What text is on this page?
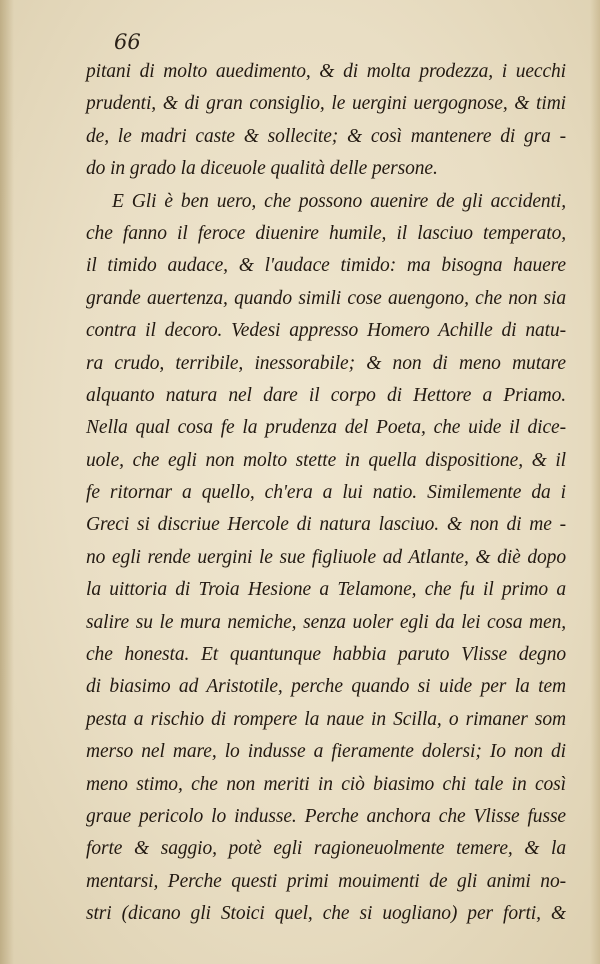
66
pitani di molto auedimento, & di molta prodezza, i uecchi
prudenti, & di gran consiglio, le uergini uergognose, & timi
de, le madri caste & sollecite; & così mantenere di gra -
do in grado la diceuole qualità delle persone.
E Gli è ben uero, che possono auenire de gli accidenti,
che fanno il feroce diuenire humile, il lasciuo temperato,
il timido audace, & l'audace timido: ma bisogna hauere
grande auertenza, quando simili cose auengono, che non sia
contra il decoro. Vedesi appresso Homero Achille di natu-
ra crudo, terribile, inessorabile; & non di meno mutare
alquanto natura nel dare il corpo di Hettore a Priamo.
Nella qual cosa fe la prudenza del Poeta, che uide il dice-
uole, che egli non molto stette in quella dispositione, & il
fe ritornar a quello, ch'era a lui natio. Similemente da i
Greci si discriue Hercole di natura lasciuo. & non di me -
no egli rende uergini le sue figliuole ad Atlante, & diè dopo
la uittoria di Troia Hesione a Telamone, che fu il primo a
salire su le mura nemiche, senza uoler egli da lei cosa men,
che honesta. Et quantunque habbia paruto Vlisse degno
di biasimo ad Aristotile, perche quando si uide per la tem
pesta a rischio di rompere la naue in Scilla, o rimaner som
merso nel mare, lo indusse a fieramente dolersi; Io non di
meno stimo, che non meriti in ciò biasimo chi tale in così
graue pericolo lo indusse. Perche anchora che Vlisse fusse
forte & saggio, potè egli ragioneuolmente temere, & la
mentarsi, Perche questi primi mouimenti de gli animi no-
stri (dicano gli Stoici quel, che si uogliano) per forti, &
